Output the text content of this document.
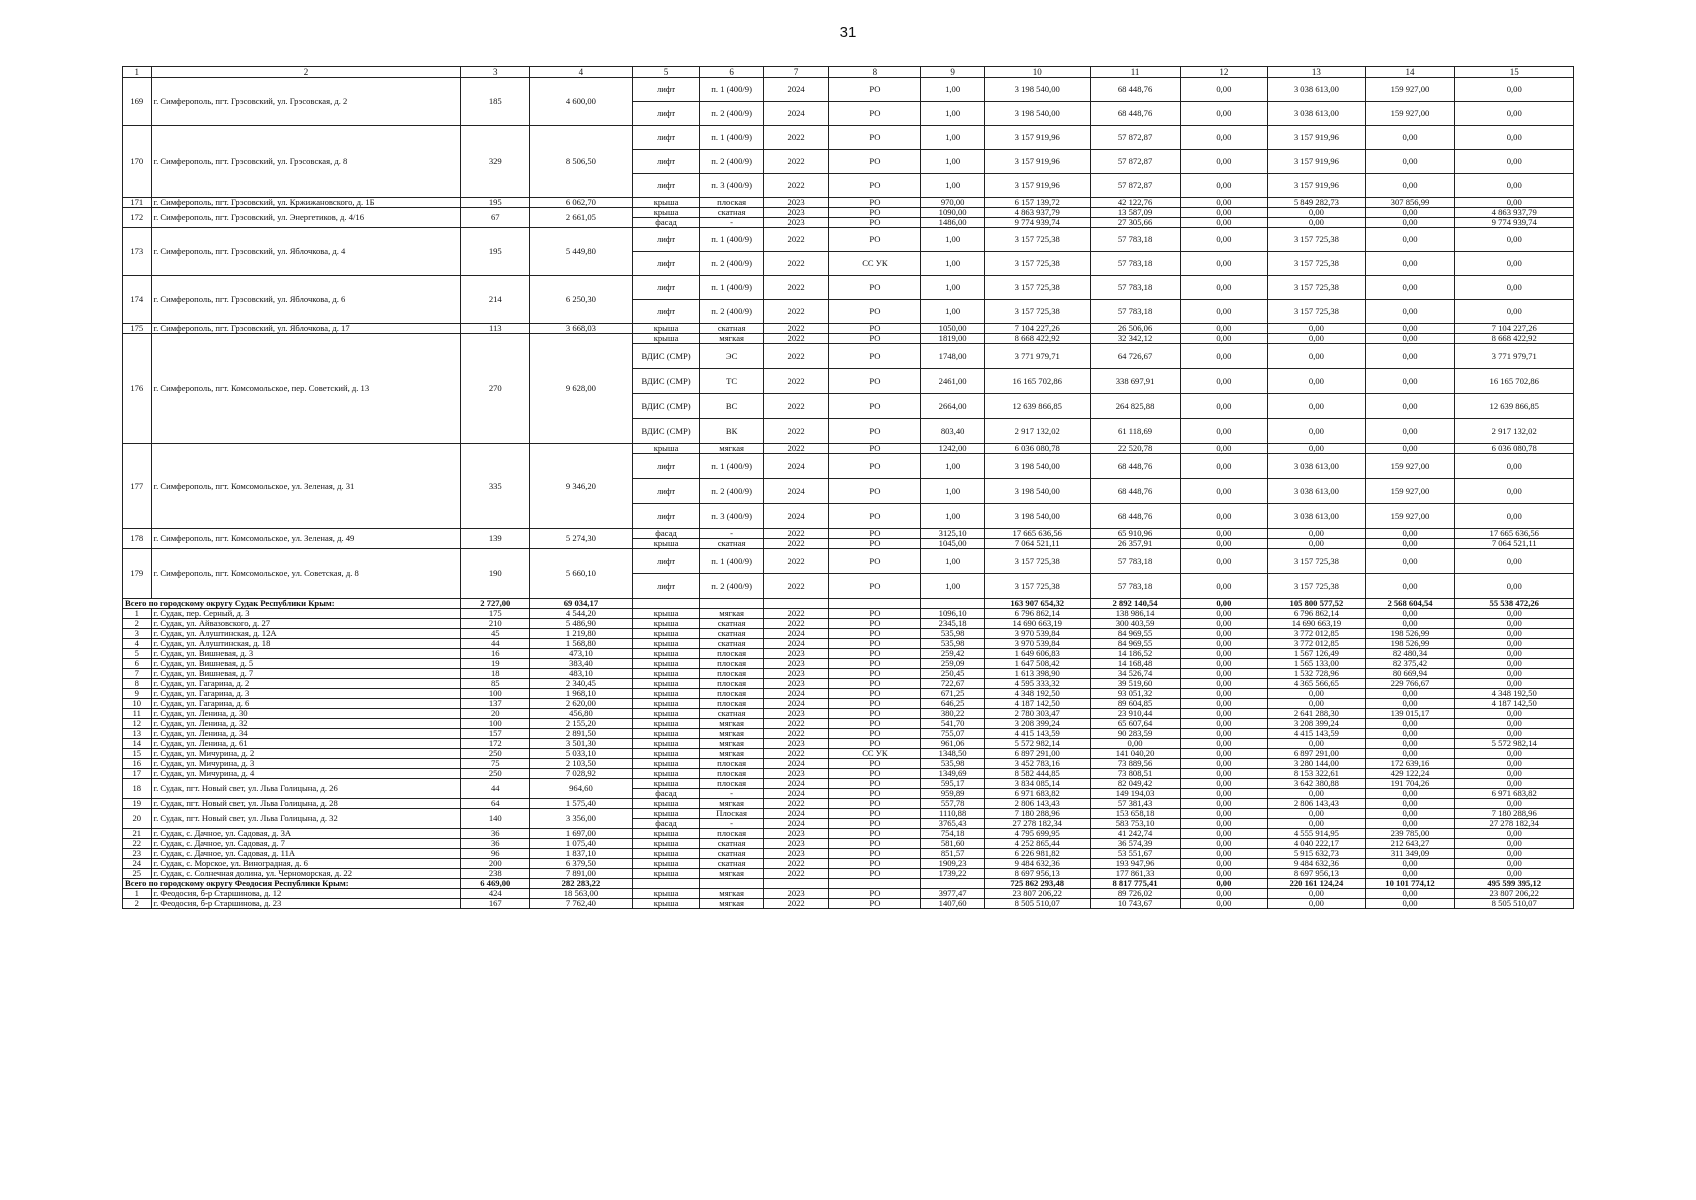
31
1	2	3	4	5	6	7	8	9	10	11	12	13	14	15
169	г. Симферополь, пгт. Грэсовский, ул. Грэсовская, д. 2	185	4 600,00	лифт	п. 1 (400/9)	2024	РО	1,00	3 198 540,00	68 448,76	0,00	3 038 613,00	159 927,00	0,00
				лифт	п. 2 (400/9)	2024	РО	1,00	3 198 540,00	68 448,76	0,00	3 038 613,00	159 927,00	0,00
170	г. Симферополь, пгт. Грэсовский, ул. Грэсовская, д. 8	329	8 506,50	лифт	п. 1 (400/9)	2022	РО	1,00	3 157 919,96	57 872,87	0,00	3 157 919,96	0,00	0,00
				лифт	п. 2 (400/9)	2022	РО	1,00	3 157 919,96	57 872,87	0,00	3 157 919,96	0,00	0,00
				лифт	п. 3 (400/9)	2022	РО	1,00	3 157 919,96	57 872,87	0,00	3 157 919,96	0,00	0,00
171	г. Симферополь, пгт. Грэсовский, ул. Кржижановского, д. 1Б	195	6 062,70	крыша	плоская	2023	РО	970,00	6 157 139,72	42 122,76	0,00	5 849 282,73	307 856,99	0,00
172	г. Симферополь, пгт. Грэсовский, ул. Энергетиков, д. 4/16	67	2 661,05	крыша	скатная	2023	РО	1090,00	4 863 937,79	13 587,09	0,00	0,00	0,00	4 863 937,79
				фасад	-	2023	РО	1486,00	9 774 939,74	27 305,66	0,00	0,00	0,00	9 774 939,74
173	г. Симферополь, пгт. Грэсовский, ул. Яблочкова, д. 4	195	5 449,80	лифт	п. 1 (400/9)	2022	РО	1,00	3 157 725,38	57 783,18	0,00	3 157 725,38	0,00	0,00
				лифт	п. 2 (400/9)	2022	СС УК	1,00	3 157 725,38	57 783,18	0,00	3 157 725,38	0,00	0,00
174	г. Симферополь, пгт. Грэсовский, ул. Яблочкова, д. 6	214	6 250,30	лифт	п. 1 (400/9)	2022	РО	1,00	3 157 725,38	57 783,18	0,00	3 157 725,38	0,00	0,00
				лифт	п. 2 (400/9)	2022	РО	1,00	3 157 725,38	57 783,18	0,00	3 157 725,38	0,00	0,00
175	г. Симферополь, пгт. Грэсовский, ул. Яблочкова, д. 17	113	3 668,03	крыша	скатная	2022	РО	1050,00	7 104 227,26	26 506,06	0,00	0,00	0,00	7 104 227,26
176	г. Симферополь, пгт. Комсомольское, пер. Советский, д. 13	270	9 628,00	крыша	мягкая	2022	РО	1819,00	8 668 422,92	32 342,12	0,00	0,00	0,00	8 668 422,92
				ВДИС (СМР)	ЭС	2022	РО	1748,00	3 771 979,71	64 726,67	0,00	0,00	0,00	3 771 979,71
				ВДИС (СМР)	ТС	2022	РО	2461,00	16 165 702,86	338 697,91	0,00	0,00	0,00	16 165 702,86
				ВДИС (СМР)	ВС	2022	РО	2664,00	12 639 866,85	264 825,88	0,00	0,00	0,00	12 639 866,85
				ВДИС (СМР)	ВК	2022	РО	803,40	2 917 132,02	61 118,69	0,00	0,00	0,00	2 917 132,02
177	г. Симферополь, пгт. Комсомольское, ул. Зеленая, д. 31	335	9 346,20	крыша	мягкая	2022	РО	1242,00	6 036 080,78	22 520,78	0,00	0,00	0,00	6 036 080,78
				лифт	п. 1 (400/9)	2024	РО	1,00	3 198 540,00	68 448,76	0,00	3 038 613,00	159 927,00	0,00
				лифт	п. 2 (400/9)	2024	РО	1,00	3 198 540,00	68 448,76	0,00	3 038 613,00	159 927,00	0,00
				лифт	п. 3 (400/9)	2024	РО	1,00	3 198 540,00	68 448,76	0,00	3 038 613,00	159 927,00	0,00
178	г. Симферополь, пгт. Комсомольское, ул. Зеленая, д. 49	139	5 274,30	фасад	-	2022	РО	3125,10	17 665 636,56	65 910,96	0,00	0,00	0,00	17 665 636,56
				крыша	скатная	2022	РО	1045,00	7 064 521,11	26 357,91	0,00	0,00	0,00	7 064 521,11
179	г. Симферополь, пгт. Комсомольское, ул. Советская, д. 8	190	5 660,10	лифт	п. 1 (400/9)	2022	РО	1,00	3 157 725,38	57 783,18	0,00	3 157 725,38	0,00	0,00
				лифт	п. 2 (400/9)	2022	РО	1,00	3 157 725,38	57 783,18	0,00	3 157 725,38	0,00	0,00
Всего по городскому округу Судак Республики Крым:		2 727,00	69 034,17						163 907 654,32	2 892 140,54	0,00	105 800 577,52	2 568 604,54	55 538 472,26
1	г. Судак, пер. Серный, д. 3	175	4 544,20	крыша	мягкая	2022	РО	1096,10	6 796 862,14	138 986,14	0,00	6 796 862,14	0,00	0,00
2	г. Судак, ул. Айвазовского, д. 27	210	5 486,90	крыша	скатная	2022	РО	2345,18	14 690 663,19	300 403,59	0,00	14 690 663,19	0,00	0,00
3	г. Судак, ул. Алуштинская, д. 12А	45	1 219,80	крыша	скатная	2024	РО	535,98	3 970 539,84	84 969,55	0,00	3 772 012,85	198 526,99	0,00
4	г. Судак, ул. Алуштинская, д. 18	44	1 568,80	крыша	скатная	2024	РО	535,98	3 970 539,84	84 969,55	0,00	3 772 012,85	198 526,99	0,00
5	г. Судак, ул. Вишневая, д. 3	16	473,10	крыша	плоская	2023	РО	259,42	1 649 606,83	14 186,52	0,00	1 567 126,49	82 480,34	0,00
6	г. Судак, ул. Вишневая, д. 5	19	383,40	крыша	плоская	2023	РО	259,09	1 647 508,42	14 168,48	0,00	1 565 133,00	82 375,42	0,00
7	г. Судак, ул. Вишневая, д. 7	18	483,10	крыша	плоская	2023	РО	250,45	1 613 398,90	34 526,74	0,00	1 532 728,96	80 669,94	0,00
8	г. Судак, ул. Гагарина, д. 2	85	2 340,45	крыша	плоская	2023	РО	722,67	4 595 333,32	39 519,60	0,00	4 365 566,65	229 766,67	0,00
9	г. Судак, ул. Гагарина, д. 3	100	1 968,10	крыша	плоская	2024	РО	671,25	4 348 192,50	93 051,32	0,00	0,00	0,00	4 348 192,50
10	г. Судак, ул. Гагарина, д. 6	137	2 620,00	крыша	плоская	2024	РО	646,25	4 187 142,50	89 604,85	0,00	0,00	0,00	4 187 142,50
11	г. Судак, ул. Ленина, д. 30	20	456,80	крыша	скатная	2023	РО	380,22	2 780 303,47	23 910,44	0,00	2 641 288,30	139 015,17	0,00
12	г. Судак, ул. Ленина, д. 32	100	2 155,20	крыша	мягкая	2022	РО	541,70	3 208 399,24	65 607,64	0,00	3 208 399,24	0,00	0,00
13	г. Судак, ул. Ленина, д. 34	157	2 891,50	крыша	мягкая	2022	РО	755,07	4 415 143,59	90 283,59	0,00	4 415 143,59	0,00	0,00
14	г. Судак, ул. Ленина, д. 61	172	3 501,30	крыша	мягкая	2023	РО	961,06	5 572 982,14	0,00	0,00	0,00	0,00	5 572 982,14
15	г. Судак, ул. Мичурина, д. 2	250	5 033,10	крыша	мягкая	2022	СС УК	1348,50	6 897 291,00	141 040,20	0,00	6 897 291,00	0,00	0,00
16	г. Судак, ул. Мичурина, д. 3	75	2 103,50	крыша	плоская	2024	РО	535,98	3 452 783,16	73 889,56	0,00	3 280 144,00	172 639,16	0,00
17	г. Судак, ул. Мичурина, д. 4	250	7 028,92	крыша	плоская	2023	РО	1349,69	8 582 444,85	73 808,51	0,00	8 153 322,61	429 122,24	0,00
18	г. Судак, пгт. Новый свет, ул. Льва Голицына, д. 26	44	964,60	крыша	плоская	2024	РО	595,17	3 834 085,14	82 049,42	0,00	3 642 380,88	191 704,26	0,00
				фасад	-	2024	РО	959,89	6 971 683,82	149 194,03	0,00	0,00	0,00	6 971 683,82
19	г. Судак, пгт. Новый свет, ул. Льва Голицына, д. 28	64	1 575,40	крыша	мягкая	2022	РО	557,78	2 806 143,43	57 381,43	0,00	2 806 143,43	0,00	0,00
20	г. Судак, пгт. Новый свет, ул. Льва Голицына, д. 32	140	3 356,00	крыша	Плоская	2024	РО	1110,88	7 180 288,96	153 658,18	0,00	0,00	0,00	7 180 288,96
				фасад	-	2024	РО	3765,43	27 278 182,34	583 753,10	0,00	0,00	0,00	27 278 182,34
21	г. Судак, с. Дачное, ул. Садовая, д. 3А	36	1 697,00	крыша	плоская	2023	РО	754,18	4 795 699,95	41 242,74	0,00	4 555 914,95	239 785,00	0,00
22	г. Судак, с. Дачное, ул. Садовая, д. 7	36	1 075,40	крыша	скатная	2023	РО	581,60	4 252 865,44	36 574,39	0,00	4 040 222,17	212 643,27	0,00
23	г. Судак, с. Дачное, ул. Садовая, д. 11А	96	1 837,10	крыша	скатная	2023	РО	851,57	6 226 981,82	53 551,67	0,00	5 915 632,73	311 349,09	0,00
24	г. Судак, с. Морское, ул. Виноградная, д. 6	200	6 379,50	крыша	скатная	2022	РО	1909,23	9 484 632,36	193 947,96	0,00	9 484 632,36	0,00	0,00
25	г. Судак, с. Солнечная долина, ул. Черноморская, д. 22	238	7 891,00	крыша	мягкая	2022	РО	1739,22	8 697 956,13	177 861,33	0,00	8 697 956,13	0,00	0,00
Всего по городскому округу Феодосия Республики Крым:		6 469,00	282 283,22						725 862 293,48	8 817 775,41	0,00	220 161 124,24	10 101 774,12	495 599 395,12
1	г. Феодосия, б-р Старшинова, д. 12	424	18 563,00	крыша	мягкая	2023	РО	3977,47	23 807 206,22	89 726,02	0,00	0,00	0,00	23 807 206,22
2	г. Феодосия, б-р Старшинова, д. 23	167	7 762,40	крыша	мягкая	2022	РО	1407,60	8 505 510,07	10 743,67	0,00	0,00	0,00	8 505 510,07
